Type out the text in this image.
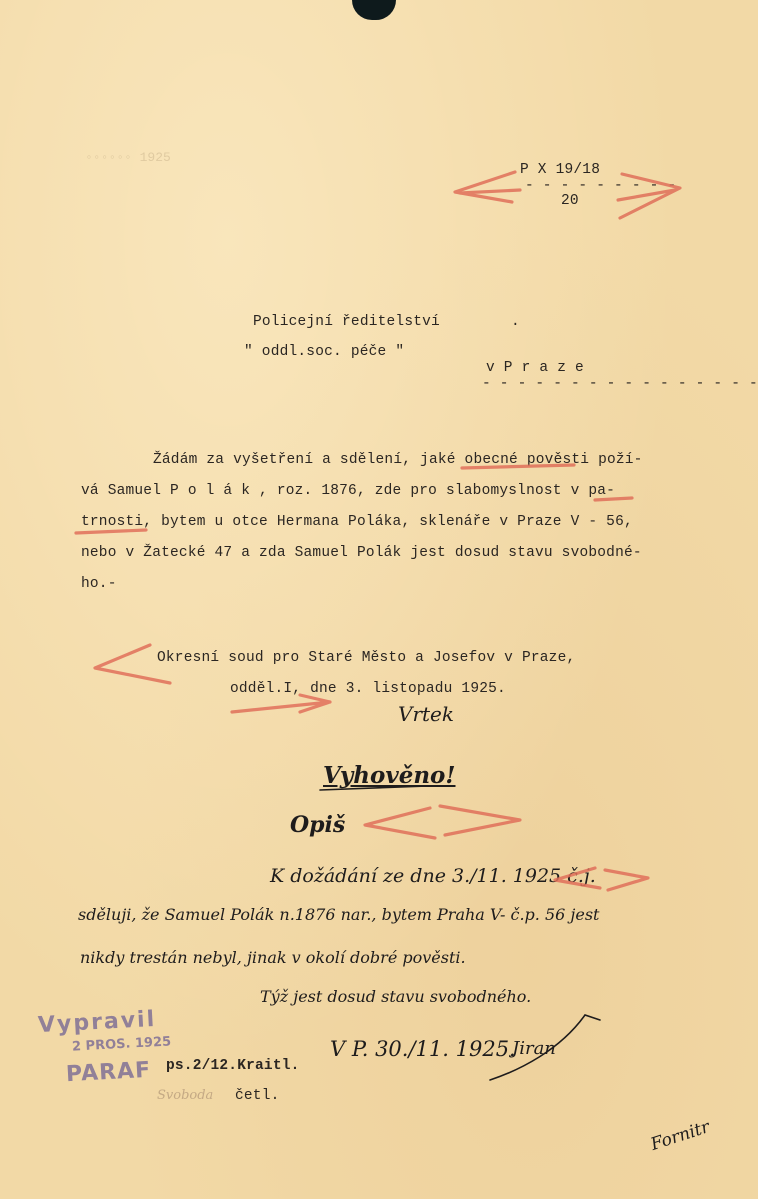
◦◦◦◦◦◦ 1925
P X 19/18
- - - - - - - - -
20
Policejní ředitelství	.
" oddl.soc. péče "
v P r a z e
- - - - - - - - - - - - - - - -
Žádám za vyšetření a sdělení, jaké obecné pověsti poží-
vá Samuel P o l á k , roz. 1876, zde pro slabomyslnost v pa-
trnosti, bytem u otce Hermana Poláka, sklenáře v Praze V - 56,
nebo v Žatecké 47 a zda Samuel Polák jest dosud stavu svobodné-
ho.-
Okresní soud pro Staré Město a Josefov v Praze,
odděl.I, dne 3. listopadu 1925.
Vrtek
Vyhověno!
Opiš
K dožádání ze dne 3./11. 1925 č.j.
sděluji, že Samuel Polák n.1876 nar., bytem Praha V- č.p. 56 jest
nikdy trestán nebyl, jinak v okolí dobré pověsti.
Týž jest dosud stavu svobodného.
V P. 30./11. 1925.
Jiran
Fornitr
Vypravil
2 PROS. 1925
PARAF ps.2/12.Kraitl.
Svoboda četl.
